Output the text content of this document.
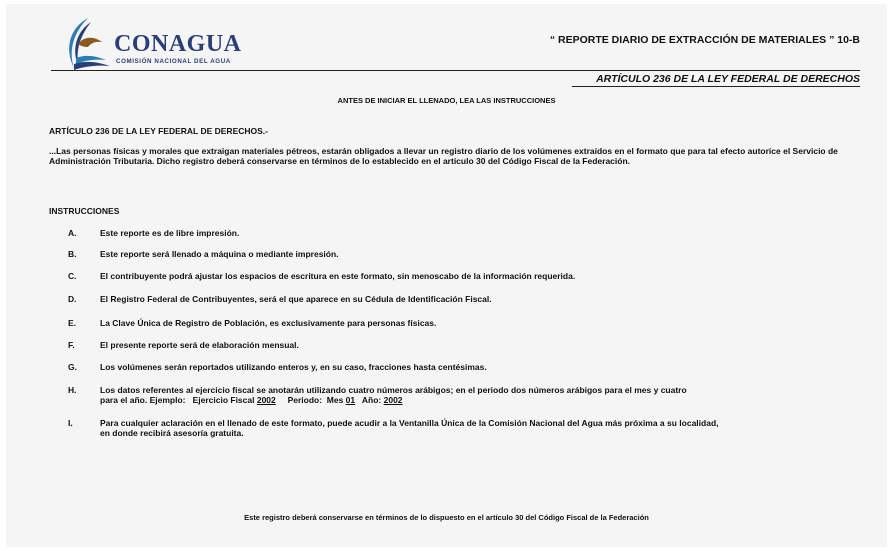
CONAGUA
COMISIÓN NACIONAL DEL AGUA
“ REPORTE DIARIO DE EXTRACCIÓN DE MATERIALES ” 10-B
ARTÍCULO 236 DE LA LEY FEDERAL DE DERECHOS
ANTES DE INICIAR EL LLENADO, LEA LAS INSTRUCCIONES
ARTÍCULO 236 DE LA LEY FEDERAL DE DERECHOS.-
...Las personas físicas y morales que extraigan materiales pétreos, estarán obligados a llevar un registro diario de los volúmenes extraídos en el formato que para tal efecto autorice el Servicio de Administración Tributaria. Dicho registro deberá conservarse en términos de lo establecido en el artículo 30 del Código Fiscal de la Federación.
INSTRUCCIONES
A.	Este reporte es de libre impresión.
B.	Este reporte será llenado a máquina o mediante impresión.
C.	El contribuyente podrá ajustar los espacios de escritura en este formato, sin menoscabo de la información requerida.
D.	El Registro Federal de Contribuyentes, será el que aparece en su Cédula de Identificación Fiscal.
E.	La Clave Única de Registro de Población, es exclusivamente para personas físicas.
F.	El presente reporte será de elaboración mensual.
G.	Los volúmenes serán reportados utilizando enteros y, en su caso, fracciones hasta centésimas.
H.	Los datos referentes al ejercicio fiscal se anotarán utilizando cuatro números arábigos; en el periodo dos números arábigos para el mes y cuatro
para el año. Ejemplo:   Ejercicio Fiscal 2002     Periodo:  Mes 01   Año: 2002
I.	Para cualquier aclaración en el llenado de este formato, puede acudir a la Ventanilla Única de la Comisión Nacional del Agua más próxima a su localidad,
en donde recibirá asesoría gratuita.
Este registro deberá conservarse en términos de lo dispuesto en el artículo 30 del Código Fiscal de la Federación
